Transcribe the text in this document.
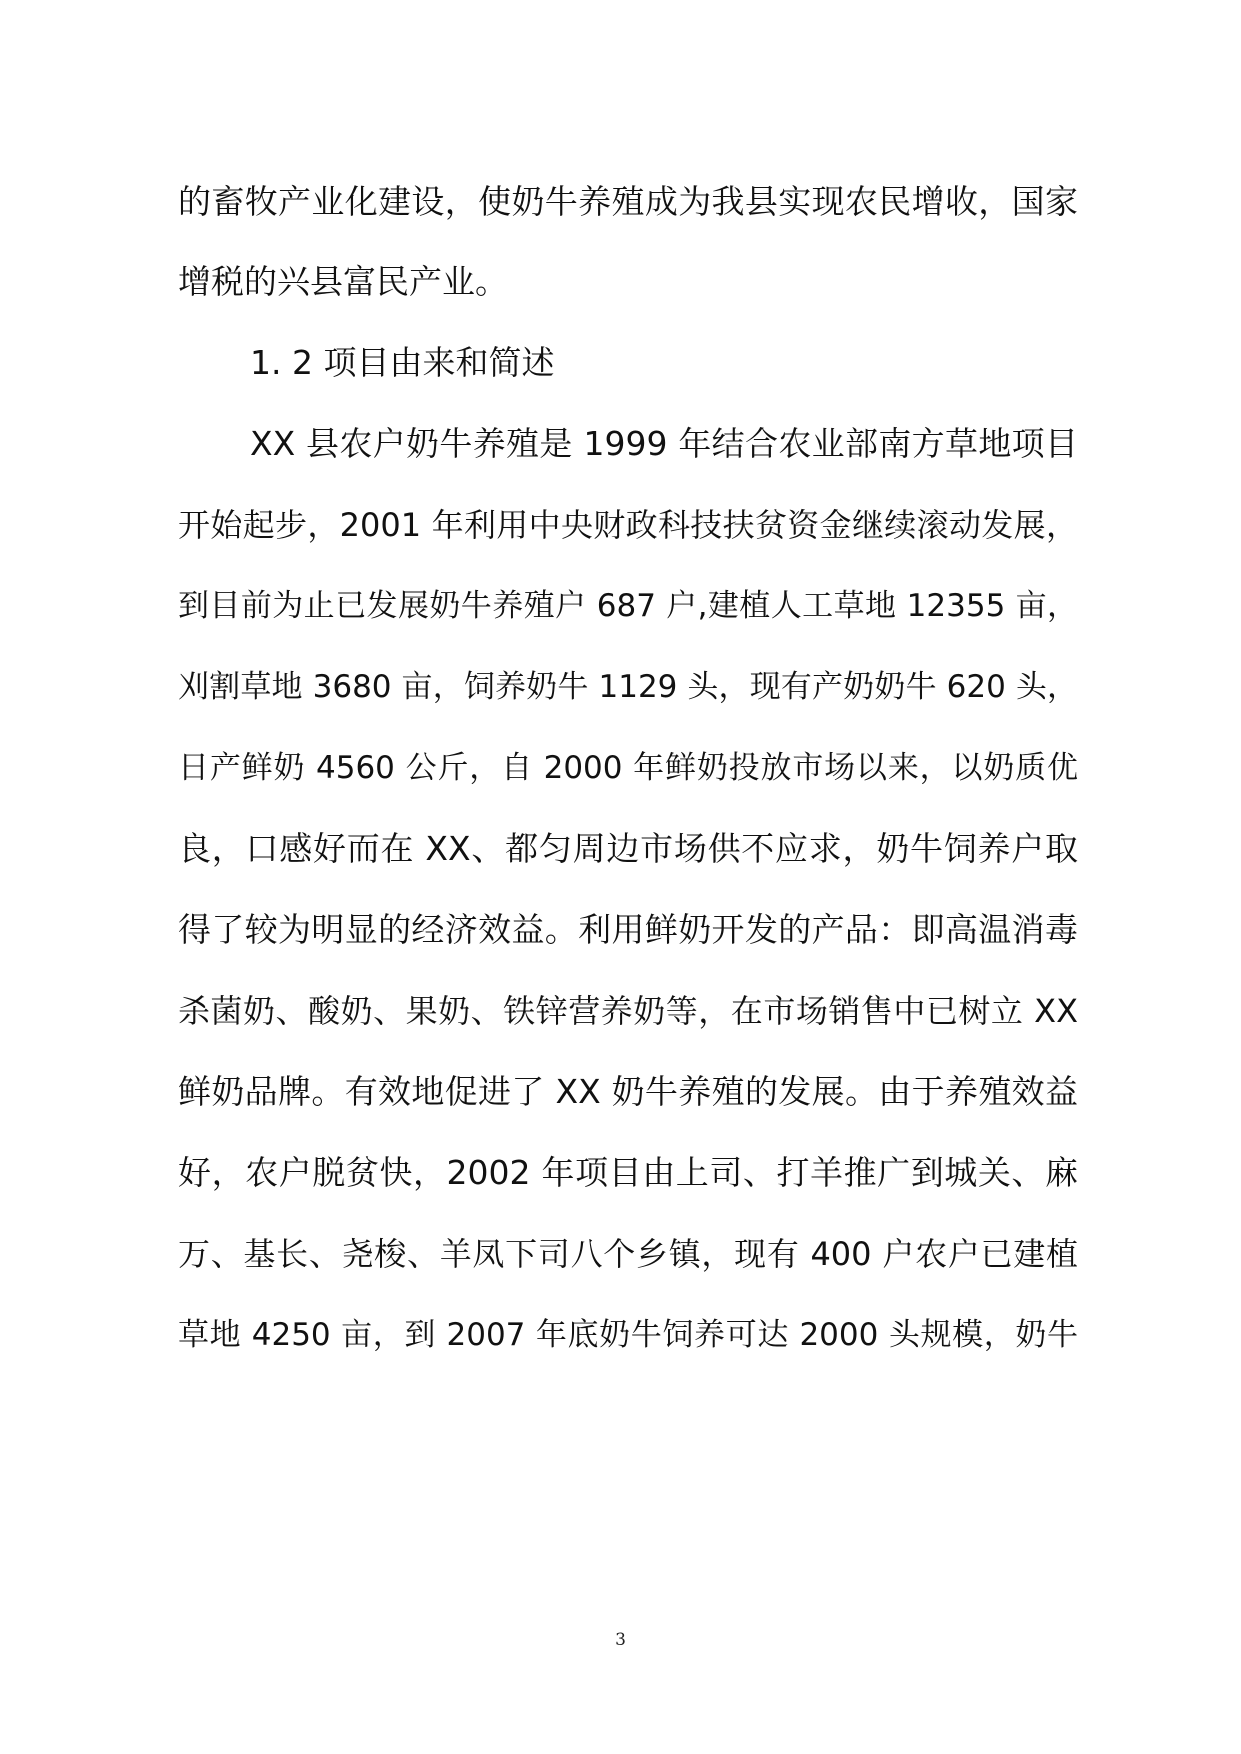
的畜牧产业化建设，使奶牛养殖成为我县实现农民增收，国家
增税的兴县富民产业。
1. 2 项目由来和简述
XX 县农户奶牛养殖是 1999 年结合农业部南方草地项目
开始起步，2001 年利用中央财政科技扶贫资金继续滚动发展，
到目前为止已发展奶牛养殖户 687 户,建植人工草地 12355 亩，
刈割草地 3680 亩，饲养奶牛 1129 头，现有产奶奶牛 620 头，
日产鲜奶 4560 公斤，自 2000 年鲜奶投放市场以来，以奶质优
良，口感好而在 XX、都匀周边市场供不应求，奶牛饲养户取
得了较为明显的经济效益。利用鲜奶开发的产品：即高温消毒
杀菌奶、酸奶、果奶、铁锌营养奶等，在市场销售中已树立 XX
鲜奶品牌。有效地促进了 XX 奶牛养殖的发展。由于养殖效益
好，农户脱贫快，2002 年项目由上司、打羊推广到城关、麻
万、基长、尧梭、羊凤下司八个乡镇，现有 400 户农户已建植
草地 4250 亩，到 2007 年底奶牛饲养可达 2000 头规模，奶牛
3
